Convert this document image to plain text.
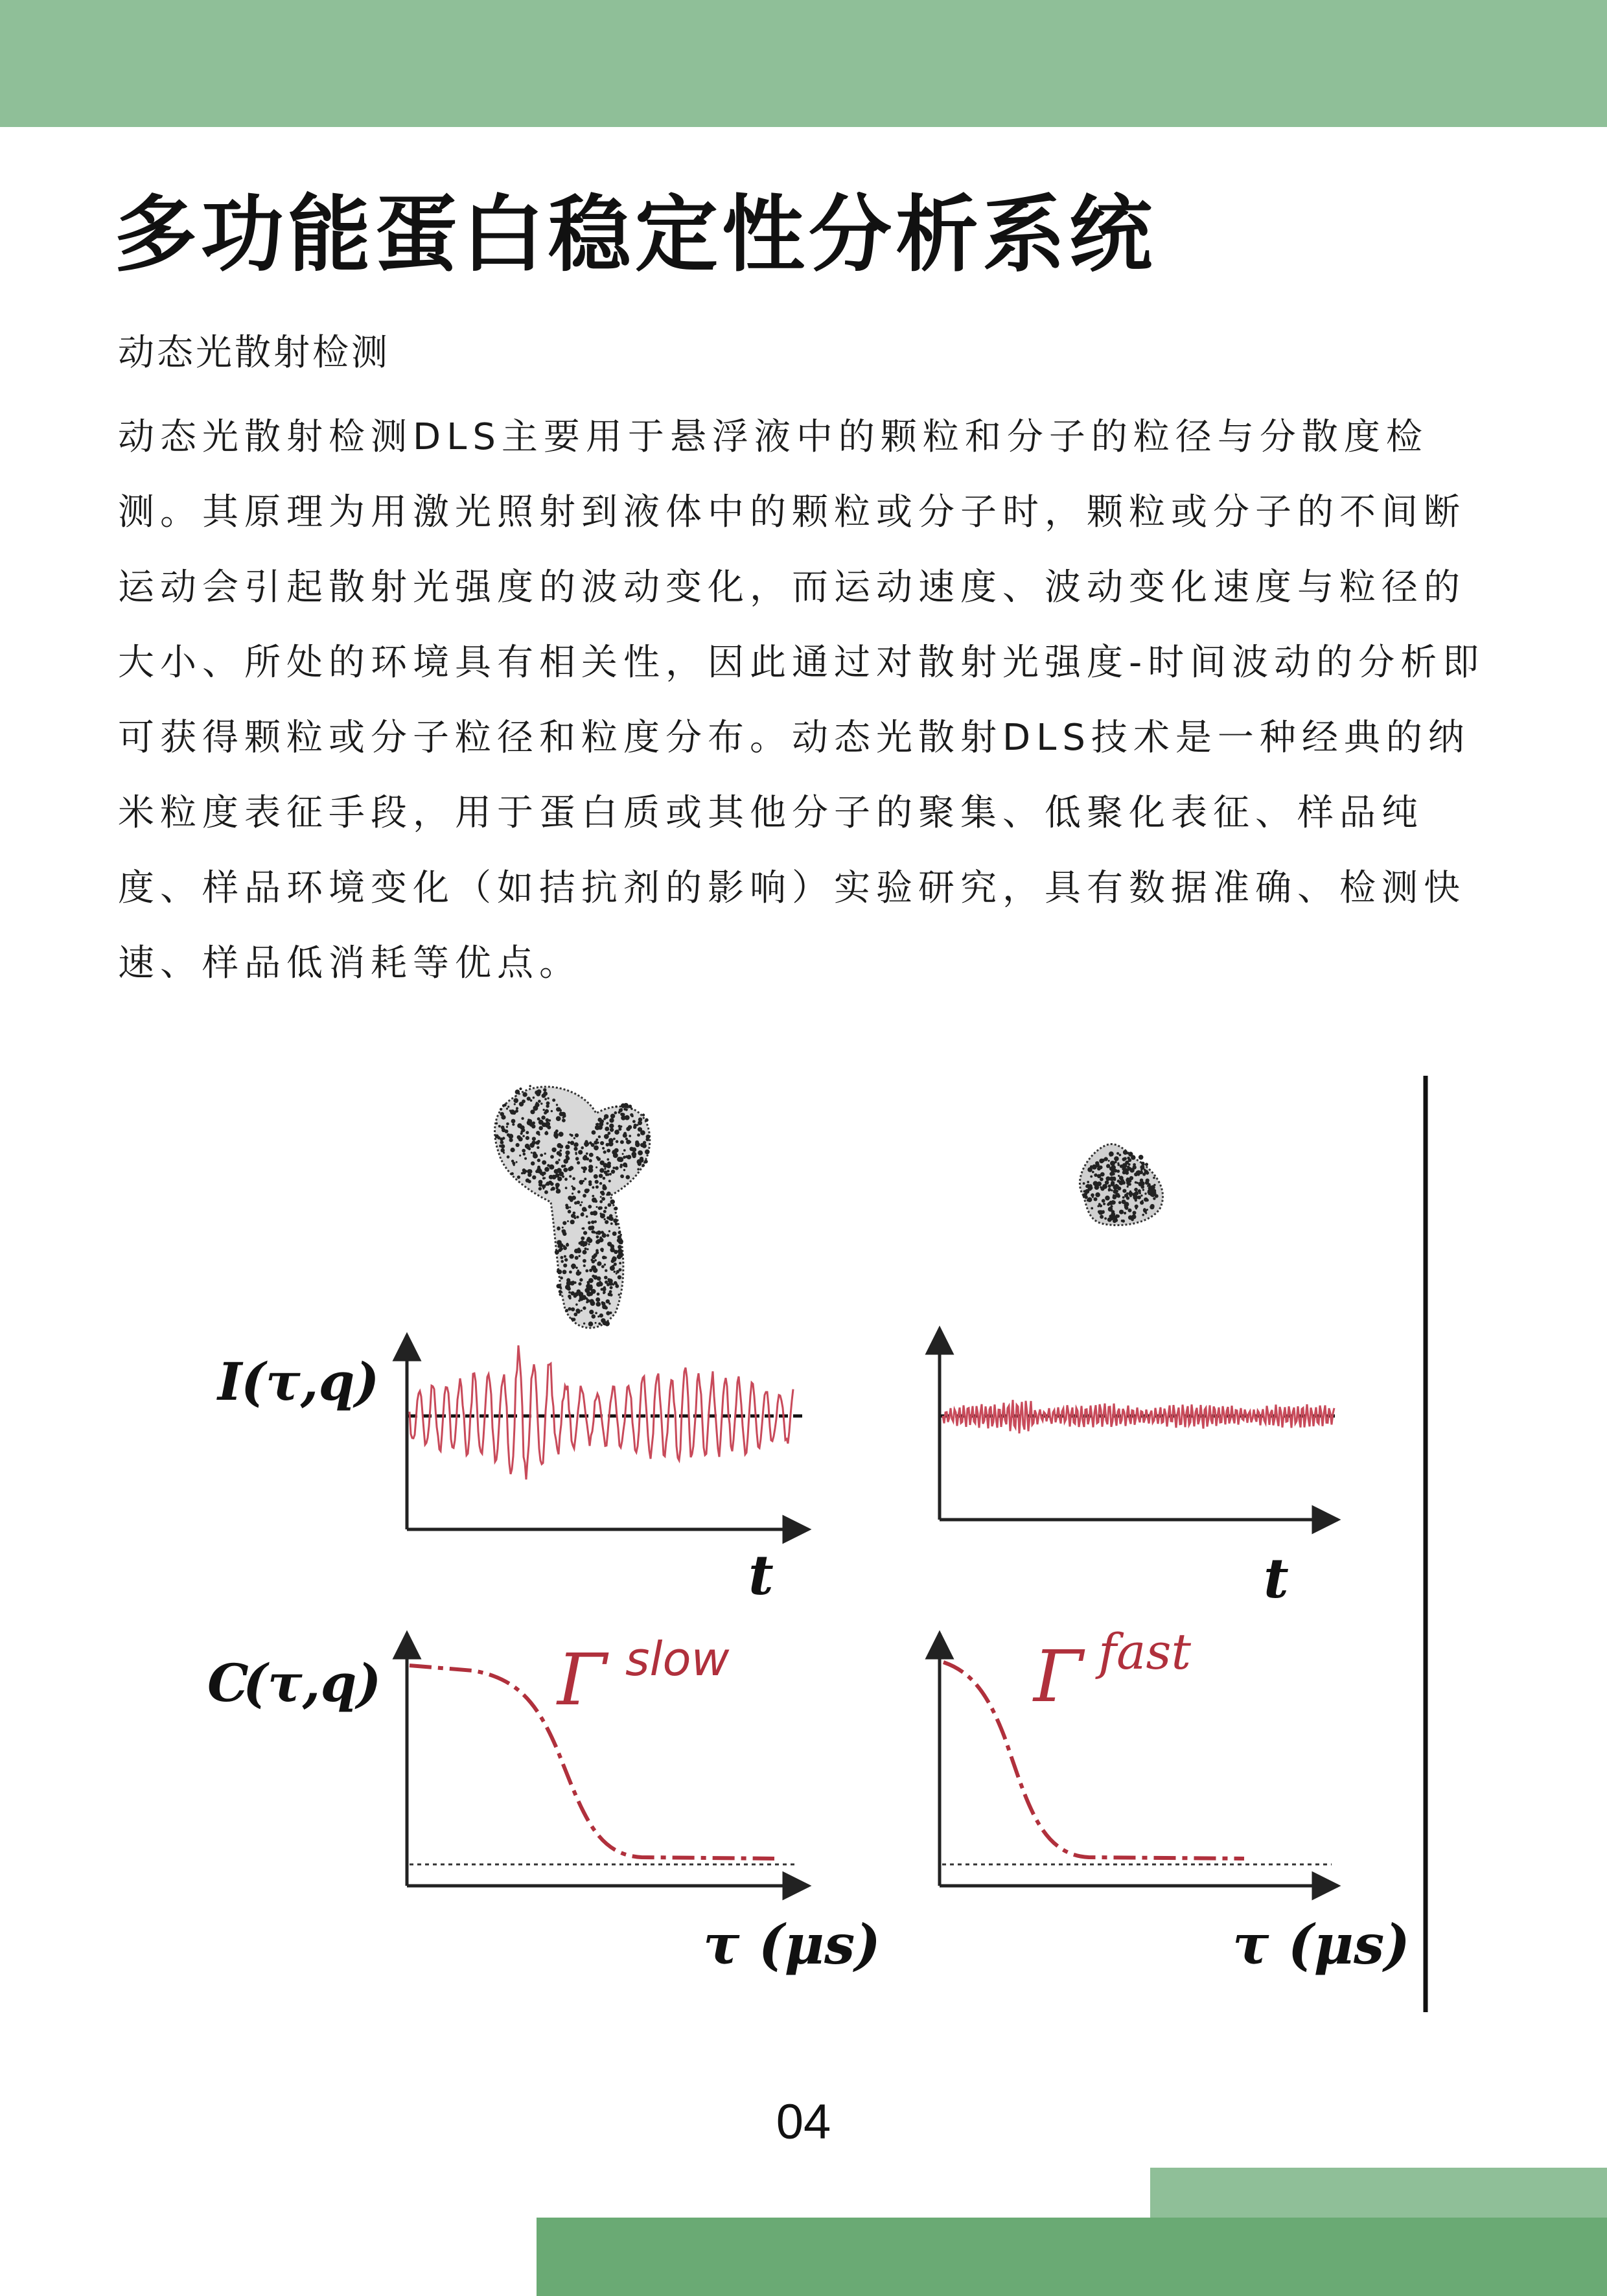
多功能蛋白稳定性分析系统
动态光散射检测
动态光散射检测DLS主要用于悬浮液中的颗粒和分子的粒径与分散度检
测。其原理为用激光照射到液体中的颗粒或分子时，颗粒或分子的不间断
运动会引起散射光强度的波动变化，而运动速度、波动变化速度与粒径的
大小、所处的环境具有相关性，因此通过对散射光强度-时间波动的分析即
可获得颗粒或分子粒径和粒度分布。动态光散射DLS技术是一种经典的纳
米粒度表征手段，用于蛋白质或其他分子的聚集、低聚化表征、样品纯
度、样品环境变化（如拮抗剂的影响）实验研究，具有数据准确、检测快
速、样品低消耗等优点。
I
(τ,q)
C
(τ,q)
t	t
Γ slow
τ (μs)
Γ fast
τ (μs)
04
